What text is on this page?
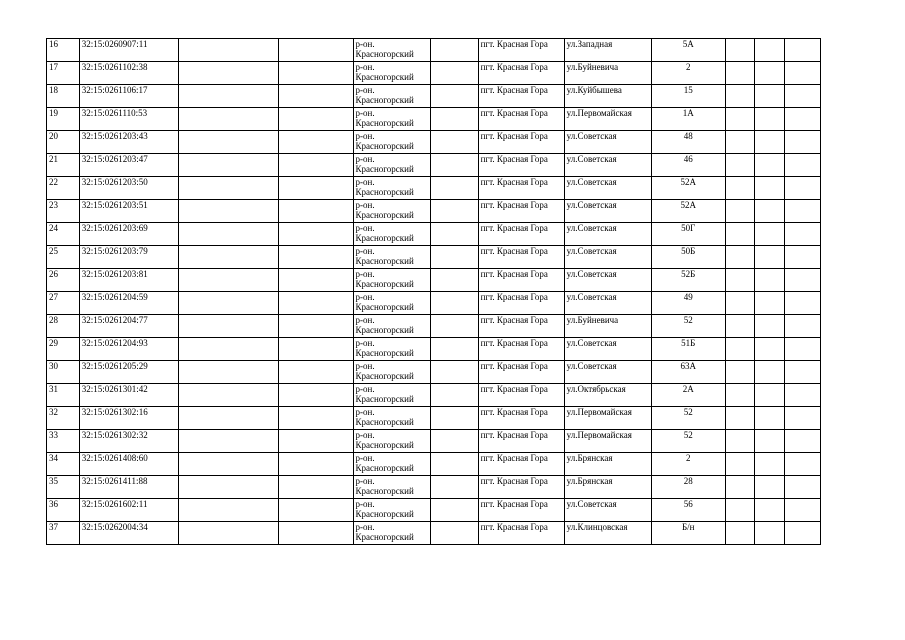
16	32:15:0260907:11			р-он.
Красногорский		пгт. Красная Гора	ул.Западная	5А			
17	32:15:0261102:38			р-он.
Красногорский		пгт. Красная Гора	ул.Буйневича	2			
18	32:15:0261106:17			р-он.
Красногорский		пгт. Красная Гора	ул.Куйбышева	15			
19	32:15:0261110:53			р-он.
Красногорский		пгт. Красная Гора	ул.Первомайская	1А			
20	32:15:0261203:43			р-он.
Красногорский		пгт. Красная Гора	ул.Советская	48			
21	32:15:0261203:47			р-он.
Красногорский		пгт. Красная Гора	ул.Советская	46			
22	32:15:0261203:50			р-он.
Красногорский		пгт. Красная Гора	ул.Советская	52А			
23	32:15:0261203:51			р-он.
Красногорский		пгт. Красная Гора	ул.Советская	52А			
24	32:15:0261203:69			р-он.
Красногорский		пгт. Красная Гора	ул.Советская	50Г			
25	32:15:0261203:79			р-он.
Красногорский		пгт. Красная Гора	ул.Советская	50Б			
26	32:15:0261203:81			р-он.
Красногорский		пгт. Красная Гора	ул.Советская	52Б			
27	32:15:0261204:59			р-он.
Красногорский		пгт. Красная Гора	ул.Советская	49			
28	32:15:0261204:77			р-он.
Красногорский		пгт. Красная Гора	ул.Буйневича	52			
29	32:15:0261204:93			р-он.
Красногорский		пгт. Красная Гора	ул.Советская	51Б			
30	32:15:0261205:29			р-он.
Красногорский		пгт. Красная Гора	ул.Советская	63А			
31	32:15:0261301:42			р-он.
Красногорский		пгт. Красная Гора	ул.Октябрьская	2А			
32	32:15:0261302:16			р-он.
Красногорский		пгт. Красная Гора	ул.Первомайская	52			
33	32:15:0261302:32			р-он.
Красногорский		пгт. Красная Гора	ул.Первомайская	52			
34	32:15:0261408:60			р-он.
Красногорский		пгт. Красная Гора	ул.Брянская	2			
35	32:15:0261411:88			р-он.
Красногорский		пгт. Красная Гора	ул.Брянская	28			
36	32:15:0261602:11			р-он.
Красногорский		пгт. Красная Гора	ул.Советская	56			
37	32:15:0262004:34			р-он.
Красногорский		пгт. Красная Гора	ул.Клинцовская	Б/н			
